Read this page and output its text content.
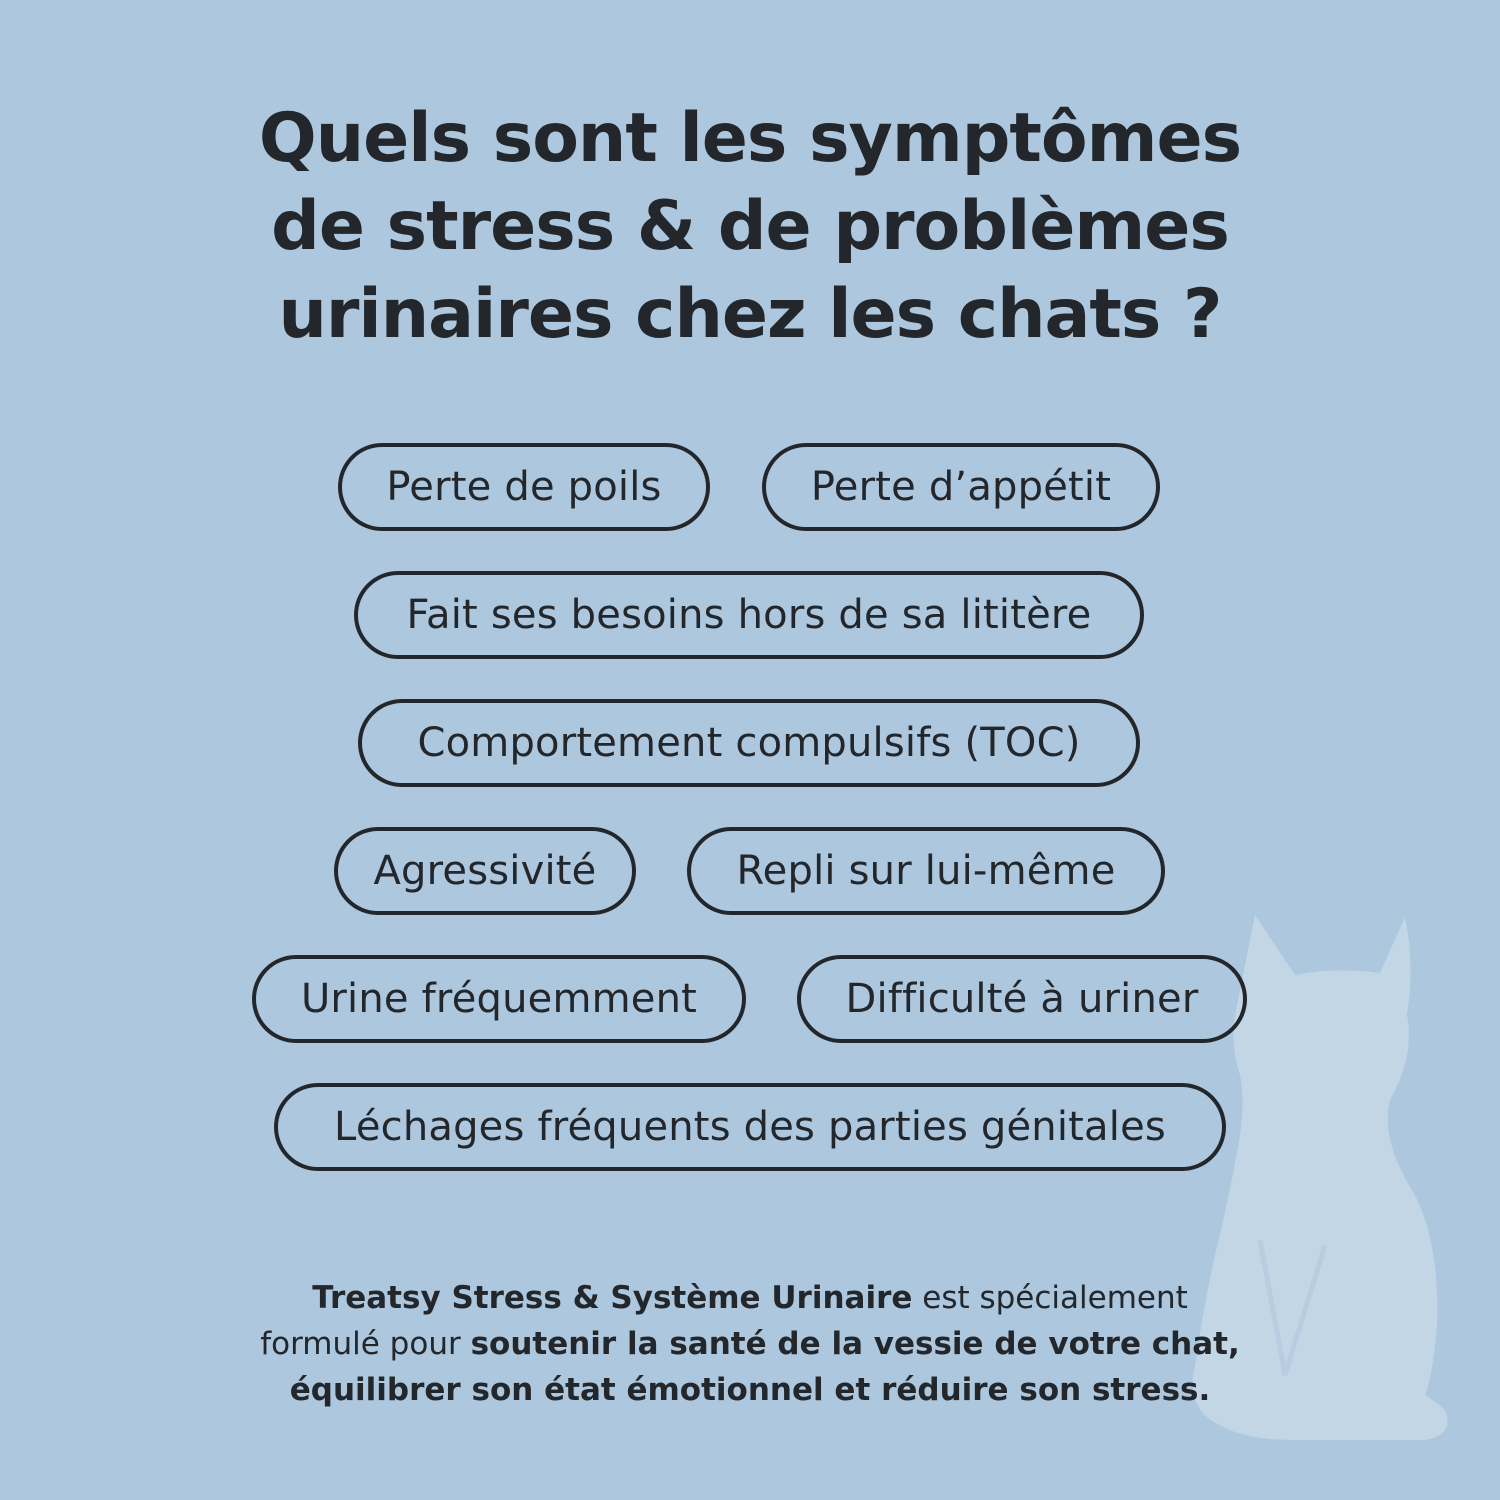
Quels sont les symptômes
de stress & de problèmes
urinaires chez les chats ?
Perte de poils	Perte d’appétit
Fait ses besoins hors de sa lititère
Comportement compulsifs (TOC)
Agressivité	Repli sur lui-même
Urine fréquemment	Difficulté à uriner
Léchages fréquents des parties génitales
Treatsy Stress & Système Urinaire est spécialement
formulé pour soutenir la santé de la vessie de votre chat,
équilibrer son état émotionnel et réduire son stress.
